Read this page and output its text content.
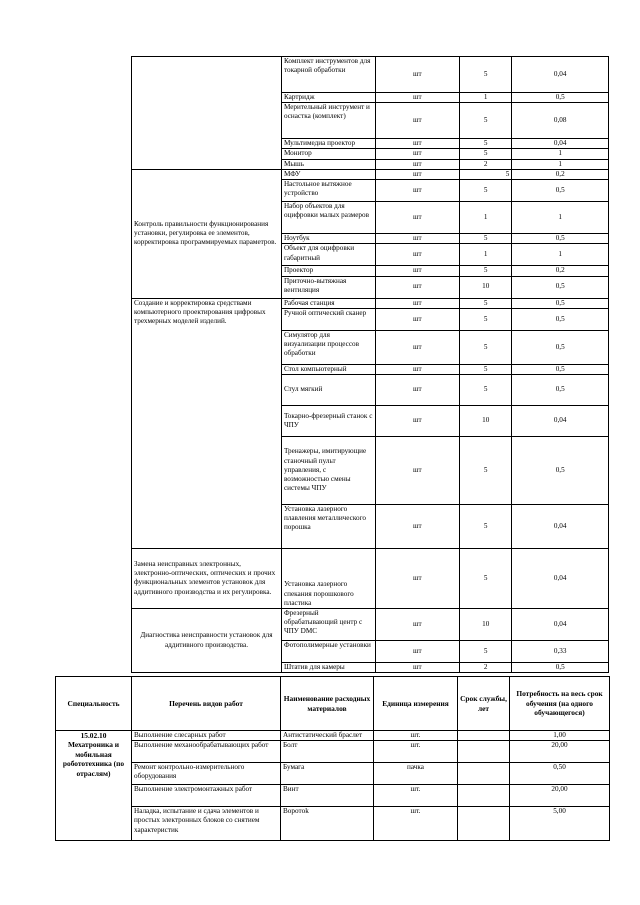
	Комплект инструментов для токарной обработки	шт	5	0,04
	Картридж	шт	1	0,5
	Мерительный инструмент и оснастка (комплект)	шт	5	0,08
	Мультимедиа проектор	шт	5	0,04
	Монитор	шт	5	1
	Мышь	шт	2	1
Контроль правильности функционирования установки, регулировка ее элементов, корректировка программируемых параметров.	МФУ	шт	5	0,2
	Настольное вытяжное устройство	шт	5	0,5
	Набор объектов для оцифровки малых размеров	шт	1	1
	Ноутбук	шт	5	0,5
	Объект для оцифровки габаритный	шт	1	1
	Проектор	шт	5	0,2
	Приточно-вытяжная вентиляция	шт	10	0,5
Создание и корректировка средствами компьютерного проектирования цифровых трехмерных моделей изделий.	Рабочая станция	шт	5	0,5
	Ручной оптический сканер	шт	5	0,5
	Симулятор для визуализации процессов обработки	шт	5	0,5
	Стол компьютерный	шт	5	0,5
	Стул мягкий	шт	5	0,5
	Токарно-фрезерный станок с ЧПУ	шт	10	0,04
	Тренажеры, имитирующие станочный пульт управления, с возможностью смены системы ЧПУ	шт	5	0,5
	Установка лазерного плавления металлического порошка	шт	5	0,04
Замена неисправных электронных, электронно-оптических, оптических и прочих функциональных элементов установок для аддитивного производства и их регулировка.	Установка лазерного спекания порошкового пластика	шт	5	0,04
Диагностика неисправности установок для аддитивного производства.	Фрезерный обрабатывающий центр с ЧПУ DMC	шт	10	0,04
	Фотополимерные установки	шт	5	0,33
	Штатив для камеры	шт	2	0,5
Специальность	Перечень видов работ	Наименование расходных материалов	Единица измерения	Срок службы, лет	Потребность на весь срок обучения (на одного обучающегося)
15.02.10 Мехатроника и мобильная робототехника (по отраслям)	Выполнение слесарных работ	Антистатический браслет	шт.		1,00
	Выполнение механообрабатывающих работ	Болт	шт.		20,00
	Ремонт контрольно-измерительного оборудования	Бумага	пачка		0,50
	Выполнение электромонтажных работ	Винт	шт.		20,00
	Наладка, испытание и сдача элементов и простых электронных блоков со снятием характеристик	Воротok	шт.		5,00
